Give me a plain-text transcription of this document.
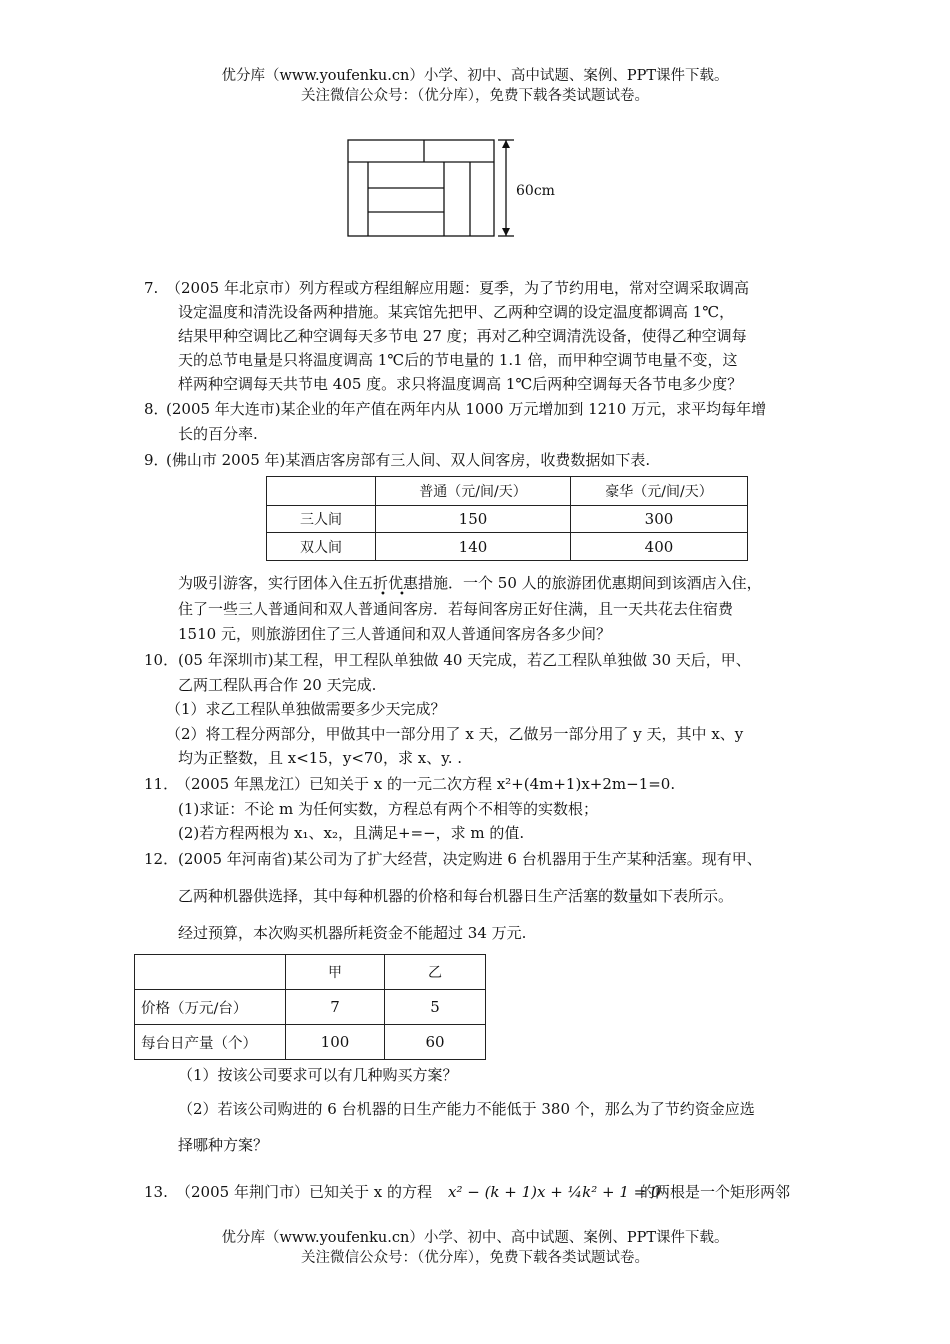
优分库（www.youfenku.cn）小学、初中、高中试题、案例、PPT课件下载。
关注微信公众号：（优分库），免费下载各类试题试卷。
60cm
7. （2005 年北京市）列方程或方程组解应用题：夏季，为了节约用电，常对空调采取调高
设定温度和清洗设备两种措施。某宾馆先把甲、乙两种空调的设定温度都调高 1℃，
结果甲种空调比乙种空调每天多节电 27 度；再对乙种空调清洗设备，使得乙种空调每
天的总节电量是只将温度调高 1℃后的节电量的 1.1 倍，而甲种空调节电量不变，这
样两种空调每天共节电 405 度。求只将温度调高 1℃后两种空调每天各节电多少度？
8．
(2005 年大连市)某企业的年产值在两年内从 1000 万元增加到 1210 万元，求平均每年增
长的百分率.
9．
(佛山市 2005 年)某酒店客房部有三人间、双人间客房，收费数据如下表.
	普通（元/间/天）	豪华（元/间/天）
三人间	150	300
双人间	140	400
为吸引游客，实行团体入住五折优惠措施．一个 50 人的旅游团优惠期间到该酒店入住，
• •
住了一些三人普通间和双人普通间客房．若每间客房正好住满，且一天共花去住宿费
1510 元，则旅游团住了三人普通间和双人普通间客房各多少间？
10． (05 年深圳市)某工程，甲工程队单独做 40 天完成，若乙工程队单独做 30 天后，甲、
乙两工程队再合作 20 天完成.
（1）求乙工程队单独做需要多少天完成？
（2）将工程分两部分，甲做其中一部分用了 x 天，乙做另一部分用了 y 天，其中 x、y
均为正整数，且 x<15，y<70，求 x、y. .
11．
（2005 年黑龙江）已知关于 x 的一元二次方程 x²+(4m+1)x+2m−1=0.
(1)求证：不论 m 为任何实数，方程总有两个不相等的实数根；
(2)若方程两根为 x₁、x₂，且满足+=−，求 m 的值.
12． (2005 年河南省)某公司为了扩大经营，决定购进 6 台机器用于生产某种活塞。现有甲、
乙两种机器供选择，其中每种机器的价格和每台机器日生产活塞的数量如下表所示。
经过预算，本次购买机器所耗资金不能超过 34 万元.
	甲	乙
价格（万元/台）	7	5
每台日产量（个）	100	60
（1）按该公司要求可以有几种购买方案？
（2）若该公司购进的 6 台机器的日生产能力不能低于 380 个，那么为了节约资金应选
择哪种方案？
13. （2005 年荆门市）已知关于 x 的方程 x² − (k + 1)x + ¼k² + 1 = 0
的两根是一个矩形两邻
优分库（www.youfenku.cn）小学、初中、高中试题、案例、PPT课件下载。
关注微信公众号：（优分库），免费下载各类试题试卷。
